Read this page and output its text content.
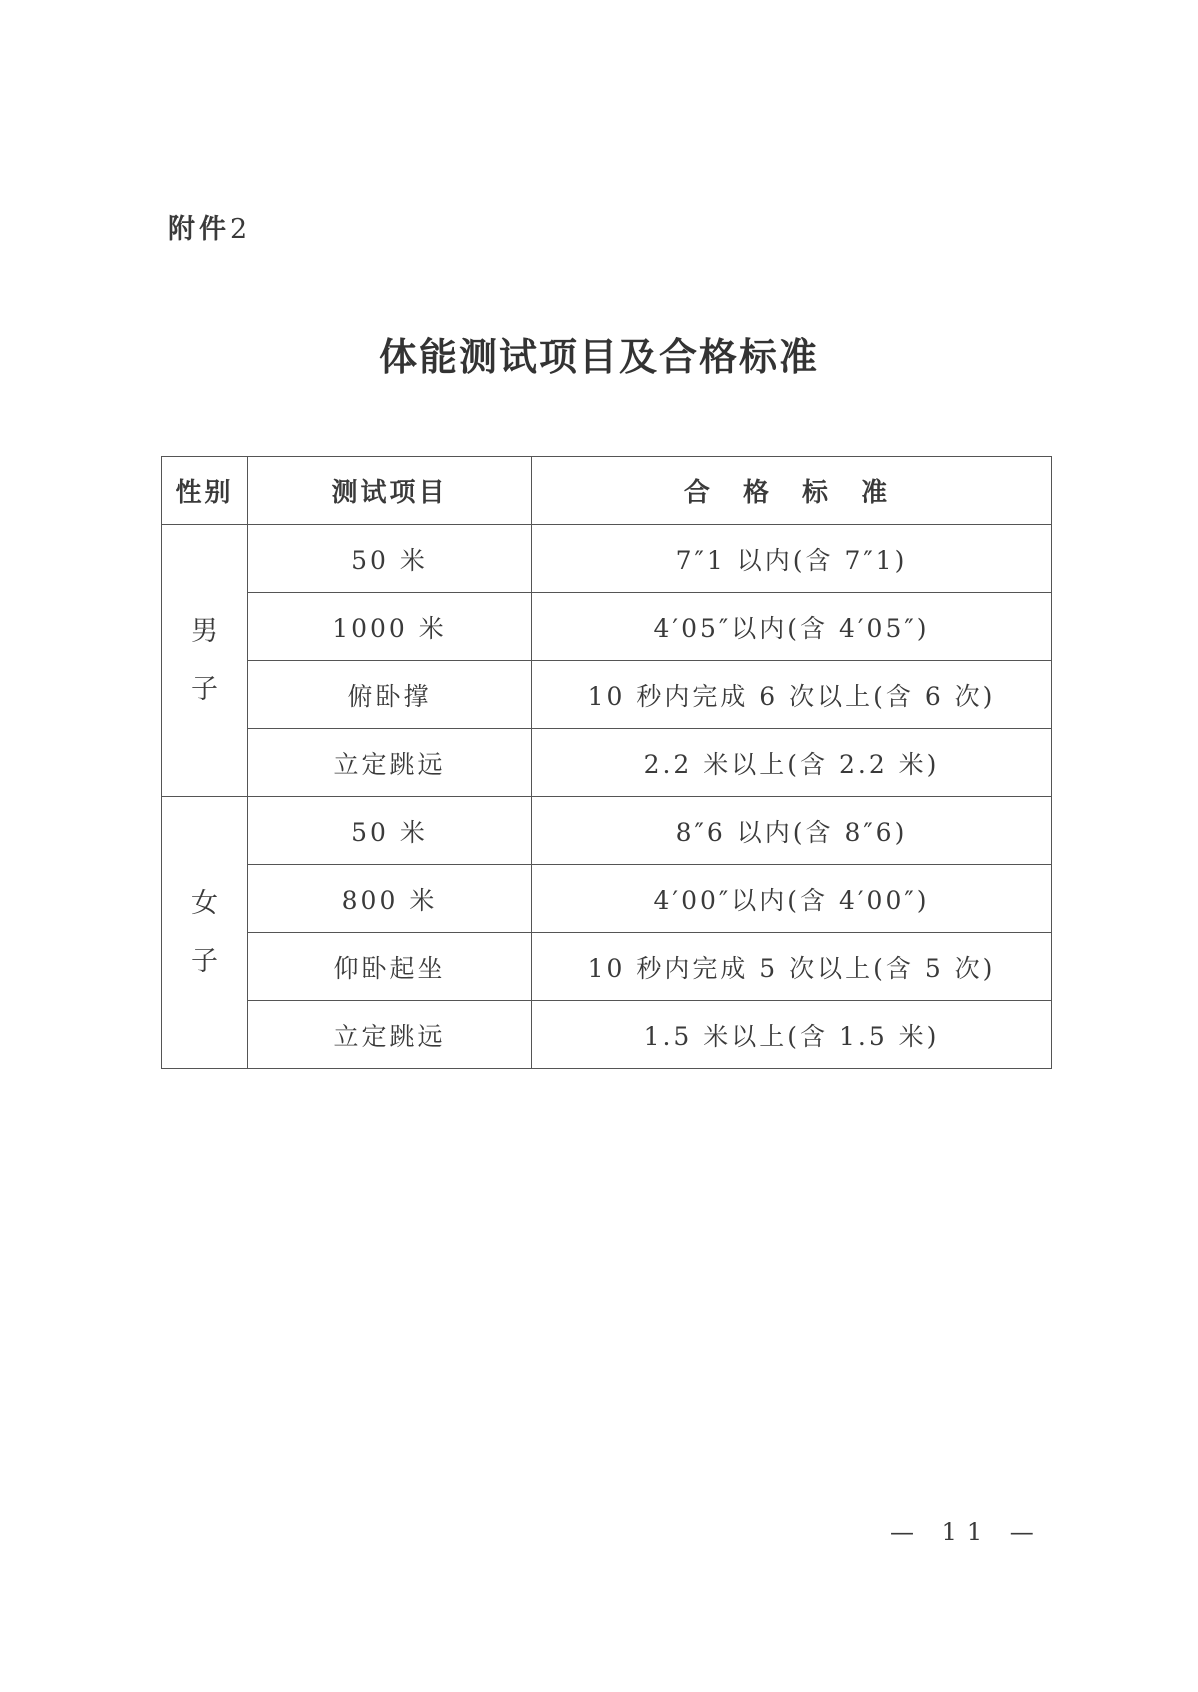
附件2
体能测试项目及合格标准
性别	测试项目	合 格 标 准

男
子	50 米	7″1 以内(含 7″1)
	1000 米	4′05″以内(含 4′05″)
	俯卧撑	10 秒内完成 6 次以上(含 6 次)
	立定跳远	2.2 米以上(含 2.2 米)

女
子	50 米	8″6 以内(含 8″6)
	800 米	4′00″以内(含 4′00″)
	仰卧起坐	10 秒内完成 5 次以上(含 5 次)
	立定跳远	1.5 米以上(含 1.5 米)
— 11 —
